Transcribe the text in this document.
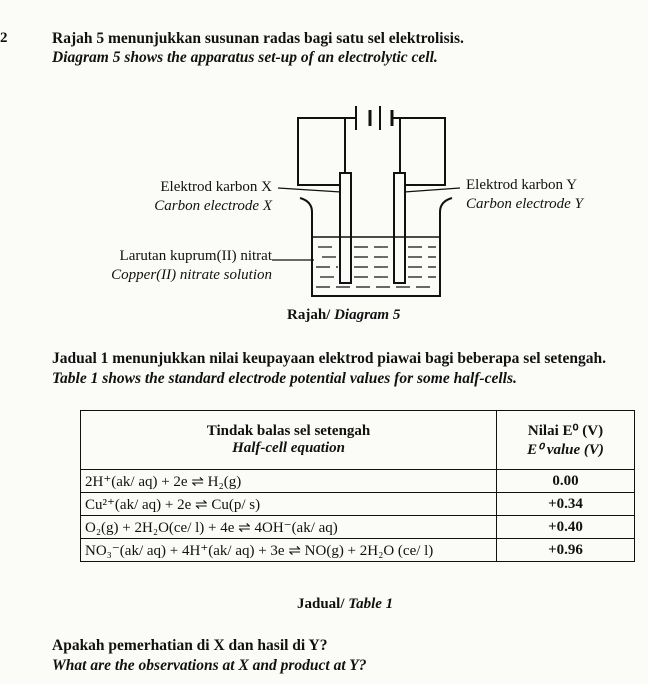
2	Rajah 5 menunjukkan susunan radas bagi satu sel elektrolisis.
Diagram 5 shows the apparatus set-up of an electrolytic cell.
Elektrod karbon X
Carbon electrode X
Elektrod karbon Y
Carbon electrode Y
Larutan kuprum(II) nitrat
Copper(II) nitrate solution
Rajah/ Diagram 5
Jadual 1 menunjukkan nilai keupayaan elektrod piawai bagi beberapa sel setengah.
Table 1 shows the standard electrode potential values for some half-cells.
Tindak balas sel setengah
Half-cell equation	Nilai E⁰ (V)
E⁰ value (V)

2H⁺(ak/ aq) + 2e ⇌ H₂(g)	0.00
Cu²⁺(ak/ aq) + 2e ⇌ Cu(p/ s)	+0.34
O₂(g) + 2H₂O(ce/ l) + 4e ⇌ 4OH⁻(ak/ aq)	+0.40
NO₃⁻(ak/ aq) + 4H⁺(ak/ aq) + 3e ⇌ NO(g) + 2H₂O (ce/ l)	+0.96
Jadual/ Table 1
Apakah pemerhatian di X dan hasil di Y?
What are the observations at X and product at Y?
